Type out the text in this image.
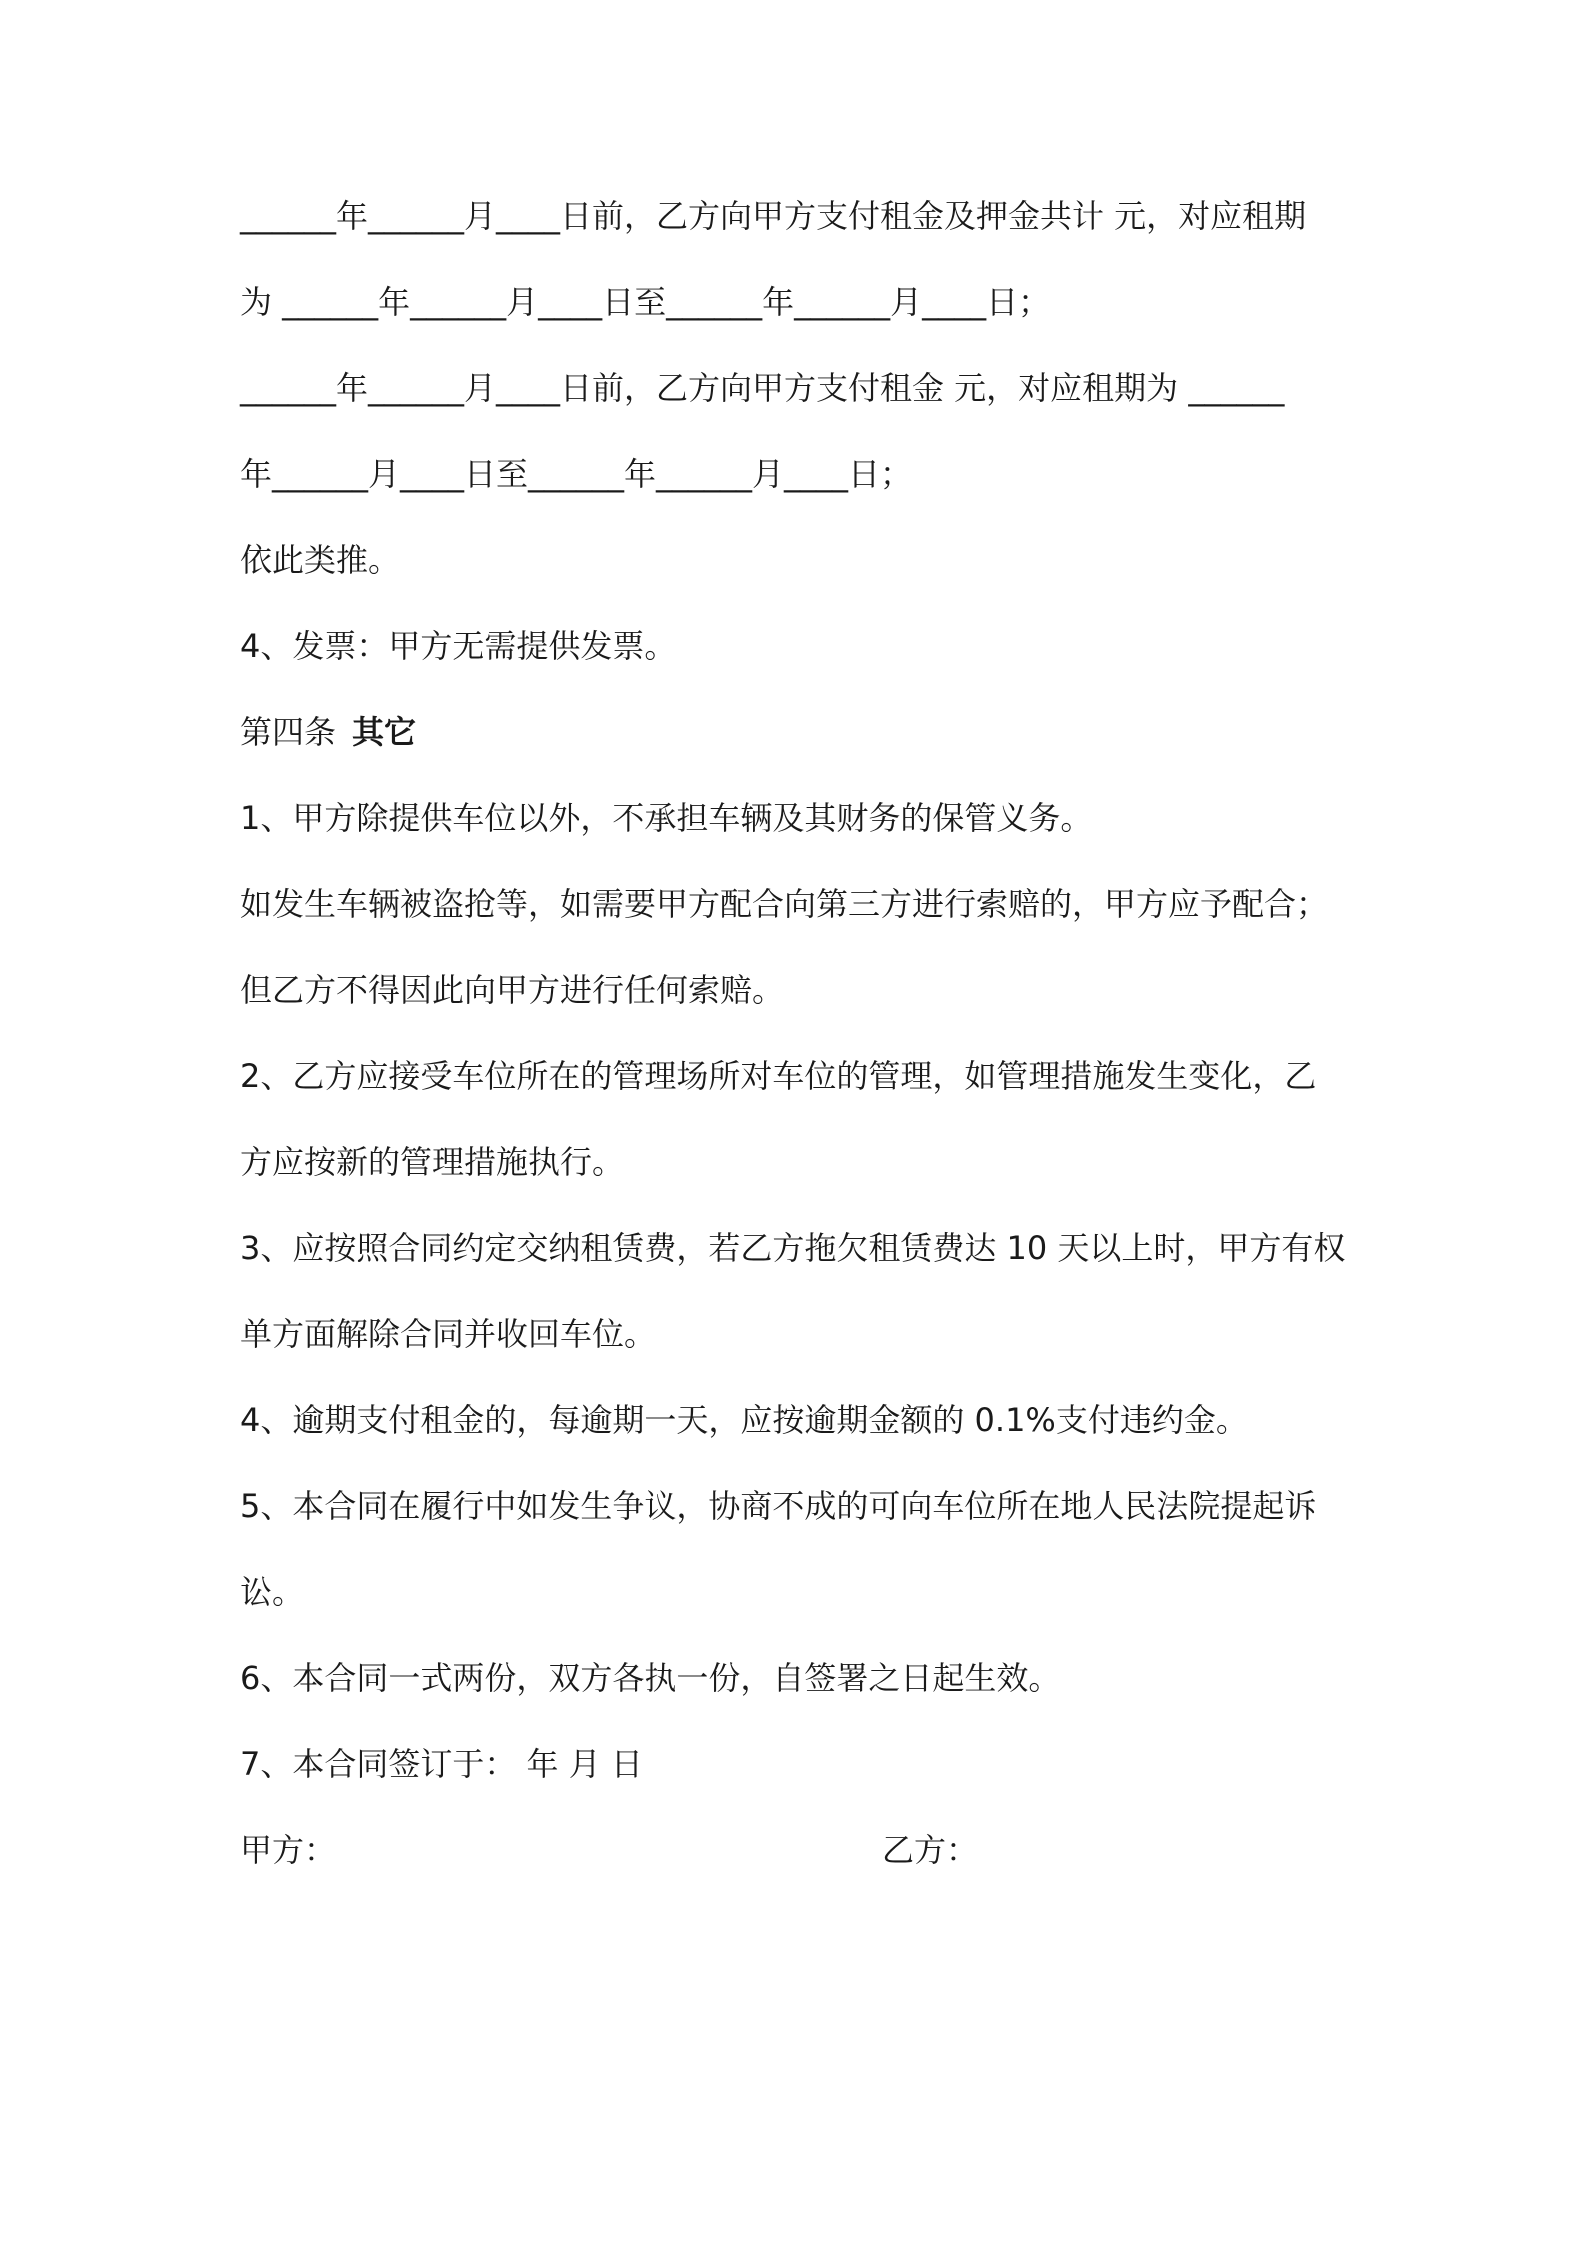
______年______月____日前，乙方向甲方支付租金及押金共计 元，对应租期
为 ______年______月____日至______年______月____日；
______年______月____日前，乙方向甲方支付租金 元，对应租期为 ______
年______月____日至______年______月____日；
依此类推。
4、发票：甲方无需提供发票。
第四条 其它
1、甲方除提供车位以外，不承担车辆及其财务的保管义务。
如发生车辆被盗抢等，如需要甲方配合向第三方进行索赔的，甲方应予配合；
但乙方不得因此向甲方进行任何索赔。
2、乙方应接受车位所在的管理场所对车位的管理，如管理措施发生变化，乙
方应按新的管理措施执行。
3、应按照合同约定交纳租赁费，若乙方拖欠租赁费达 10 天以上时，甲方有权
单方面解除合同并收回车位。
4、逾期支付租金的，每逾期一天，应按逾期金额的 0.1%支付违约金。
5、本合同在履行中如发生争议，协商不成的可向车位所在地人民法院提起诉
讼。
6、本合同一式两份，双方各执一份，自签署之日起生效。
7、本合同签订于： 年 月 日
甲方：	乙方：
